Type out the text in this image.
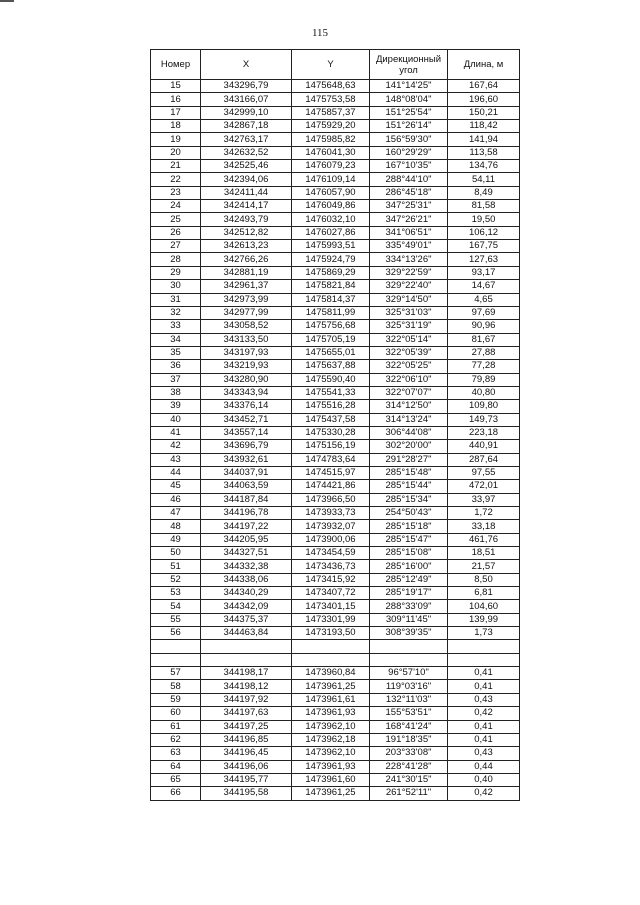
115
Номер	X	Y	Дирекционный угол	Длина, м
15	343296,79	1475648,63	141°14'25"	167,64
16	343166,07	1475753,58	148°08'04"	196,60
17	342999,10	1475857,37	151°25'54"	150,21
18	342867,18	1475929,20	151°26'14"	118,42
19	342763,17	1475985,82	156°59'30"	141,94
20	342632,52	1476041,30	160°29'29"	113,58
21	342525,46	1476079,23	167°10'35"	134,76
22	342394,06	1476109,14	288°44'10"	54,11
23	342411,44	1476057,90	286°45'18"	8,49
24	342414,17	1476049,86	347°25'31"	81,58
25	342493,79	1476032,10	347°26'21"	19,50
26	342512,82	1476027,86	341°06'51"	106,12
27	342613,23	1475993,51	335°49'01"	167,75
28	342766,26	1475924,79	334°13'26"	127,63
29	342881,19	1475869,29	329°22'59"	93,17
30	342961,37	1475821,84	329°22'40"	14,67
31	342973,99	1475814,37	329°14'50"	4,65
32	342977,99	1475811,99	325°31'03"	97,69
33	343058,52	1475756,68	325°31'19"	90,96
34	343133,50	1475705,19	322°05'14"	81,67
35	343197,93	1475655,01	322°05'39"	27,88
36	343219,93	1475637,88	322°05'25"	77,28
37	343280,90	1475590,40	322°06'10"	79,89
38	343343,94	1475541,33	322°07'07"	40,80
39	343376,14	1475516,28	314°12'50"	109,80
40	343452,71	1475437,58	314°13'24"	149,73
41	343557,14	1475330,28	306°44'08"	223,18
42	343696,79	1475156,19	302°20'00"	440,91
43	343932,61	1474783,64	291°28'27"	287,64
44	344037,91	1474515,97	285°15'48"	97,55
45	344063,59	1474421,86	285°15'44"	472,01
46	344187,84	1473966,50	285°15'34"	33,97
47	344196,78	1473933,73	254°50'43"	1,72
48	344197,22	1473932,07	285°15'18"	33,18
49	344205,95	1473900,06	285°15'47"	461,76
50	344327,51	1473454,59	285°15'08"	18,51
51	344332,38	1473436,73	285°16'00"	21,57
52	344338,06	1473415,92	285°12'49"	8,50
53	344340,29	1473407,72	285°19'17"	6,81
54	344342,09	1473401,15	288°33'09"	104,60
55	344375,37	1473301,99	309°11'45"	139,99
56	344463,84	1473193,50	308°39'35"	1,73

57	344198,17	1473960,84	96°57'10"	0,41
58	344198,12	1473961,25	119°03'16"	0,41
59	344197,92	1473961,61	132°11'03"	0,43
60	344197,63	1473961,93	155°53'51"	0,42
61	344197,25	1473962,10	168°41'24"	0,41
62	344196,85	1473962,18	191°18'35"	0,41
63	344196,45	1473962,10	203°33'08"	0,43
64	344196,06	1473961,93	228°41'28"	0,44
65	344195,77	1473961,60	241°30'15"	0,40
66	344195,58	1473961,25	261°52'11"	0,42
